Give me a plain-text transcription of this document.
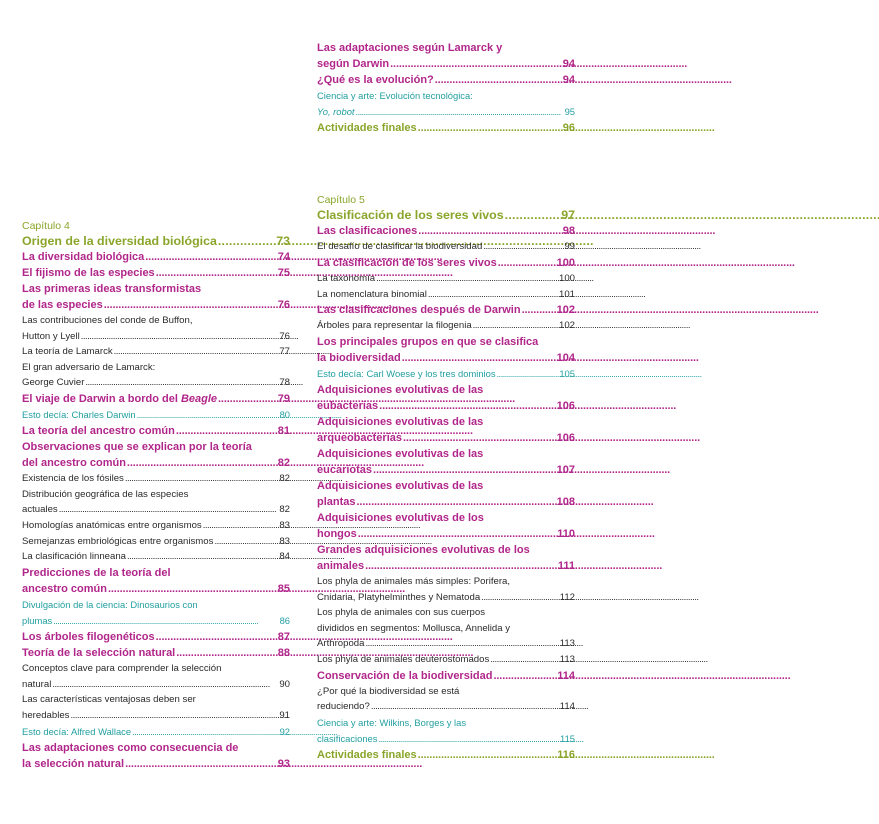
Capítulo 4
Origen de la diversidad biológica . . .	73
La diversidad biológica . . .	74
El fijismo de las especies . . .	75
Las primeras ideas transformistas
de las especies . . .	76
Las contribuciones del conde de Buffon,
Hutton y Lyell . . .	76
La teoría de Lamarck . . .	77
El gran adversario de Lamarck:
George Cuvier . . .	78
El viaje de Darwin a bordo del Beagle . . .	79
Esto decía: Charles Darwin . . .	80
La teoría del ancestro común . . .	81
Observaciones que se explican por la teoría
del ancestro común . . .	82
Existencia de los fósiles . . .	82
Distribución geográfica de las especies
actuales . . .	82
Homologías anatómicas entre organismos . . .	83
Semejanzas embriológicas entre organismos . . .	83
La clasificación linneana . . .	84
Predicciones de la teoría del
ancestro común . . .	85
Divulgación de la ciencia: Dinosaurios con
plumas . . .	86
Los árboles filogenéticos . . .	87
Teoría de la selección natural . . .	88
Conceptos clave para comprender la selección
natural . . .	90
Las características ventajosas deben ser
heredables . . .	91
Esto decía: Alfred Wallace . . .	92
Las adaptaciones como consecuencia de
la selección natural . . .	93
Las adaptaciones según Lamarck y
según Darwin . . .	94
¿Qué es la evolución? . . .	94
Ciencia y arte: Evolución tecnológica:
Yo, robot . . .	95
Actividades finales . . .	96
Capítulo 5
Clasificación de los seres vivos . . .	97
Las clasificaciones . . .	98
El desafío de clasificar la biodiversidad . . .	99
La clasificación de los seres vivos . . .	100
La taxonomía . . .	100
La nomenclatura binomial . . .	101
Las clasificaciones después de Darwin . . .	102
Árboles para representar la filogenia . . .	102
Los principales grupos en que se clasifica
la biodiversidad . . .	104
Esto decía: Carl Woese y los tres dominios . . .	105
Adquisiciones evolutivas de las
eubacterias . . .	106
Adquisiciones evolutivas de las
arqueobacterias . . .	106
Adquisiciones evolutivas de las
eucariotas . . .	107
Adquisiciones evolutivas de las
plantas . . .	108
Adquisiciones evolutivas de los
hongos . . .	110
Grandes adquisiciones evolutivas de los
animales . . .	111
Los phyla de animales más simples: Porifera,
Cnidaria, Platyhelminthes y Nematoda . . .	112
Los phyla de animales con sus cuerpos
divididos en segmentos: Mollusca, Annelida y
Arthropoda . . .	113
Los phyla de animales deuterostomados . . .	113
Conservación de la biodiversidad . . .	114
¿Por qué la biodiversidad se está
reduciendo? . . .	114
Ciencia y arte: Wilkins, Borges y las
clasificaciones . . .	115
Actividades finales . . .	116
